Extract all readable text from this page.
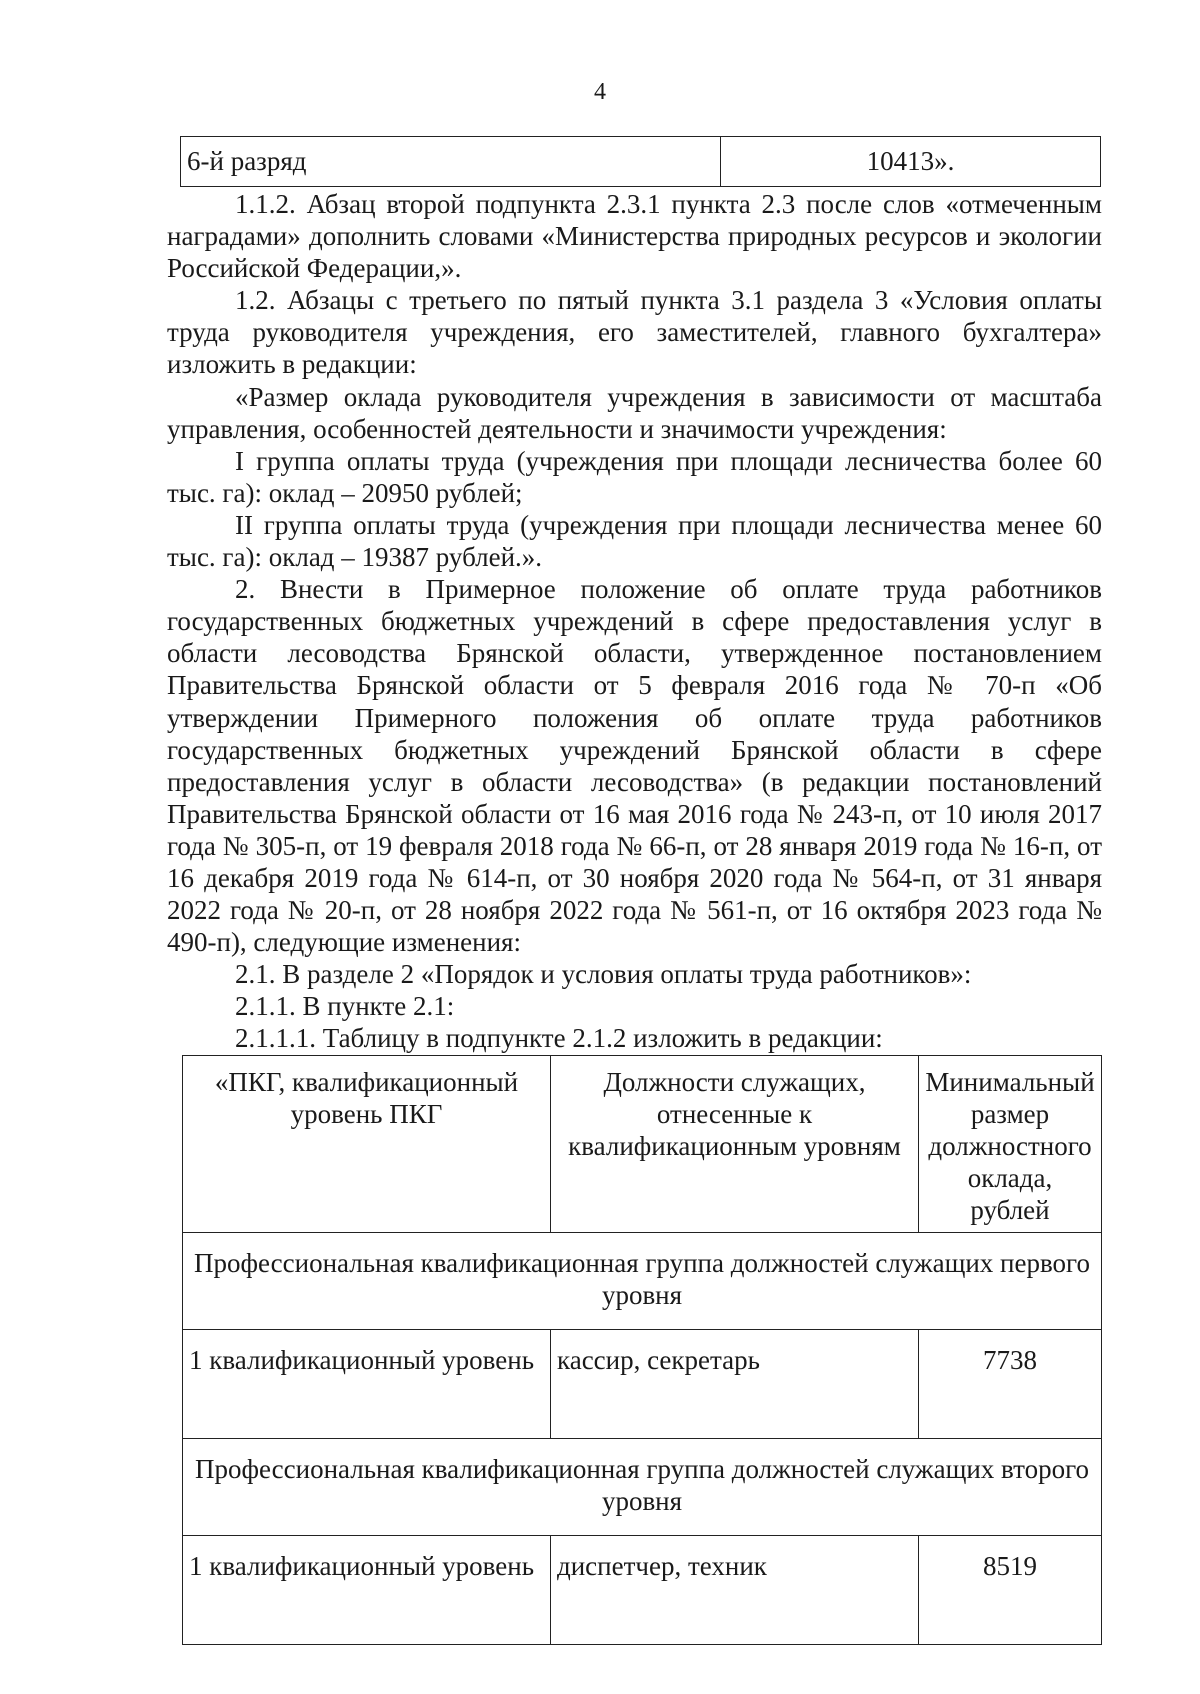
4
6-й разряд	10413».

1.1.2. Абзац второй подпункта 2.3.1 пункта 2.3 после слов «отмеченным наградами» дополнить словами «Министерства природных ресурсов и экологии Российской Федерации,».

1.2. Абзацы с третьего по пятый пункта 3.1 раздела 3 «Условия оплаты труда руководителя учреждения, его заместителей, главного бухгалтера» изложить в редакции:

«Размер оклада руководителя учреждения в зависимости от масштаба управления, особенностей деятельности и значимости учреждения:

I группа оплаты труда (учреждения при площади лесничества более 60 тыс. га): оклад – 20950 рублей;

II группа оплаты труда (учреждения при площади лесничества менее 60 тыс. га): оклад – 19387 рублей.».

2. Внести в Примерное положение об оплате труда работников государственных бюджетных учреждений в сфере предоставления услуг в области лесоводства Брянской области, утвержденное постановлением Правительства Брянской области от 5 февраля 2016 года № 70-п «Об утверждении Примерного положения об оплате труда работников государственных бюджетных учреждений Брянской области в сфере предоставления услуг в области лесоводства» (в редакции постановлений Правительства Брянской области от 16 мая 2016 года № 243-п, от 10 июля 2017 года № 305-п, от 19 февраля 2018 года № 66-п, от 28 января 2019 года № 16-п, от 16 декабря 2019 года № 614-п, от 30 ноября 2020 года № 564-п, от 31 января 2022 года № 20-п, от 28 ноября 2022 года № 561-п, от 16 октября 2023 года № 490-п), следующие изменения:

2.1. В разделе 2 «Порядок и условия оплаты труда работников»:

2.1.1. В пункте 2.1:

2.1.1.1. Таблицу в подпункте 2.1.2 изложить в редакции:

«ПКГ, квалификационный уровень ПКГ	Должности служащих, отнесенные к квалификационным уровням	Минимальный размер должностного оклада, рублей
Профессиональная квалификационная группа должностей служащих первого уровня		
1 квалификационный уровень	кассир, секретарь	7738
Профессиональная квалификационная группа должностей служащих второго уровня		
1 квалификационный уровень	диспетчер, техник	8519
